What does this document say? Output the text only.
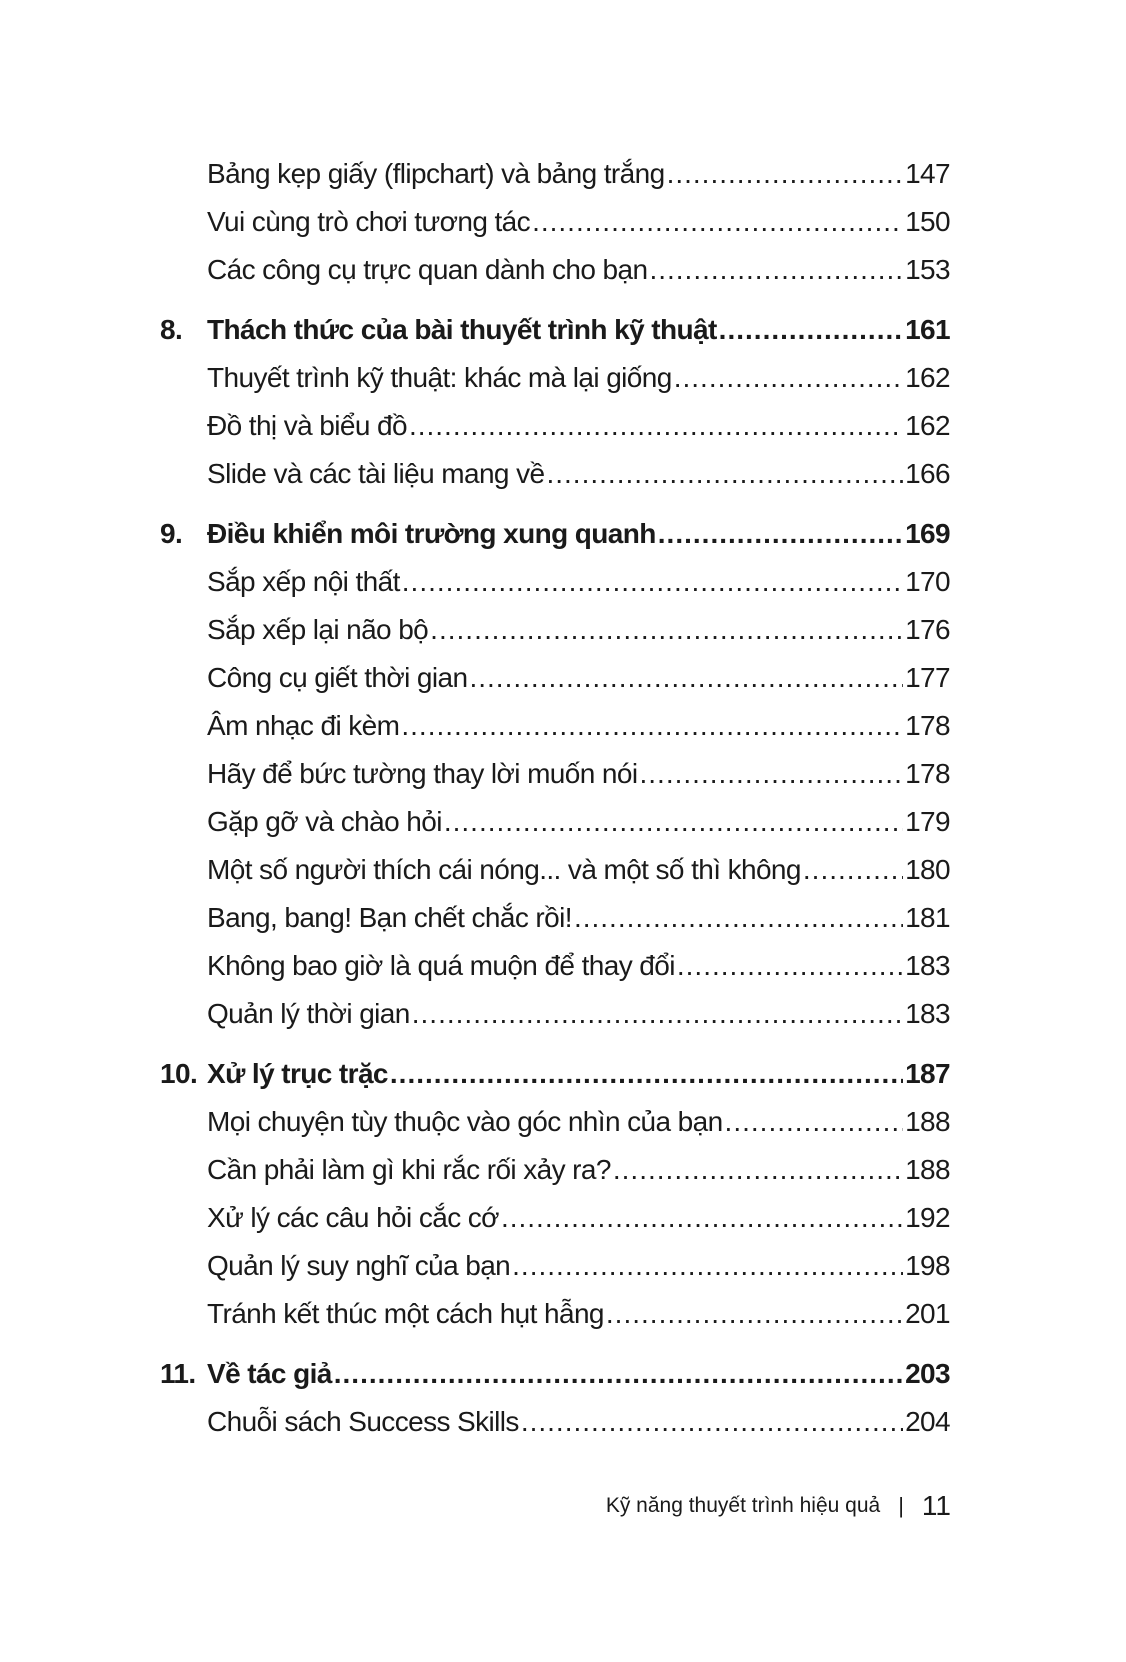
Bảng kẹp giấy (flipchart) và bảng trắng .....	147
Vui cùng trò chơi tương tác .....	150
Các công cụ trực quan dành cho bạn .....	153
8. Thách thức của bài thuyết trình kỹ thuật .....	161
Thuyết trình kỹ thuật: khác mà lại giống .....	162
Đồ thị và biểu đồ .....	162
Slide và các tài liệu mang về .....	166
9. Điều khiển môi trường xung quanh .....	169
Sắp xếp nội thất .....	170
Sắp xếp lại não bộ .....	176
Công cụ giết thời gian .....	177
Âm nhạc đi kèm .....	178
Hãy để bức tường thay lời muốn nói .....	178
Gặp gỡ và chào hỏi .....	179
Một số người thích cái nóng... và một số thì không .....	180
Bang, bang! Bạn chết chắc rồi! .....	181
Không bao giờ là quá muộn để thay đổi .....	183
Quản lý thời gian .....	183
10. Xử lý trục trặc .....	187
Mọi chuyện tùy thuộc vào góc nhìn của bạn .....	188
Cần phải làm gì khi rắc rối xảy ra? .....	188
Xử lý các câu hỏi cắc cớ .....	192
Quản lý suy nghĩ của bạn .....	198
Tránh kết thúc một cách hụt hẫng .....	201
11. Về tác giả .....	203
Chuỗi sách Success Skills .....	204
Kỹ năng thuyết trình hiệu quả | 11
